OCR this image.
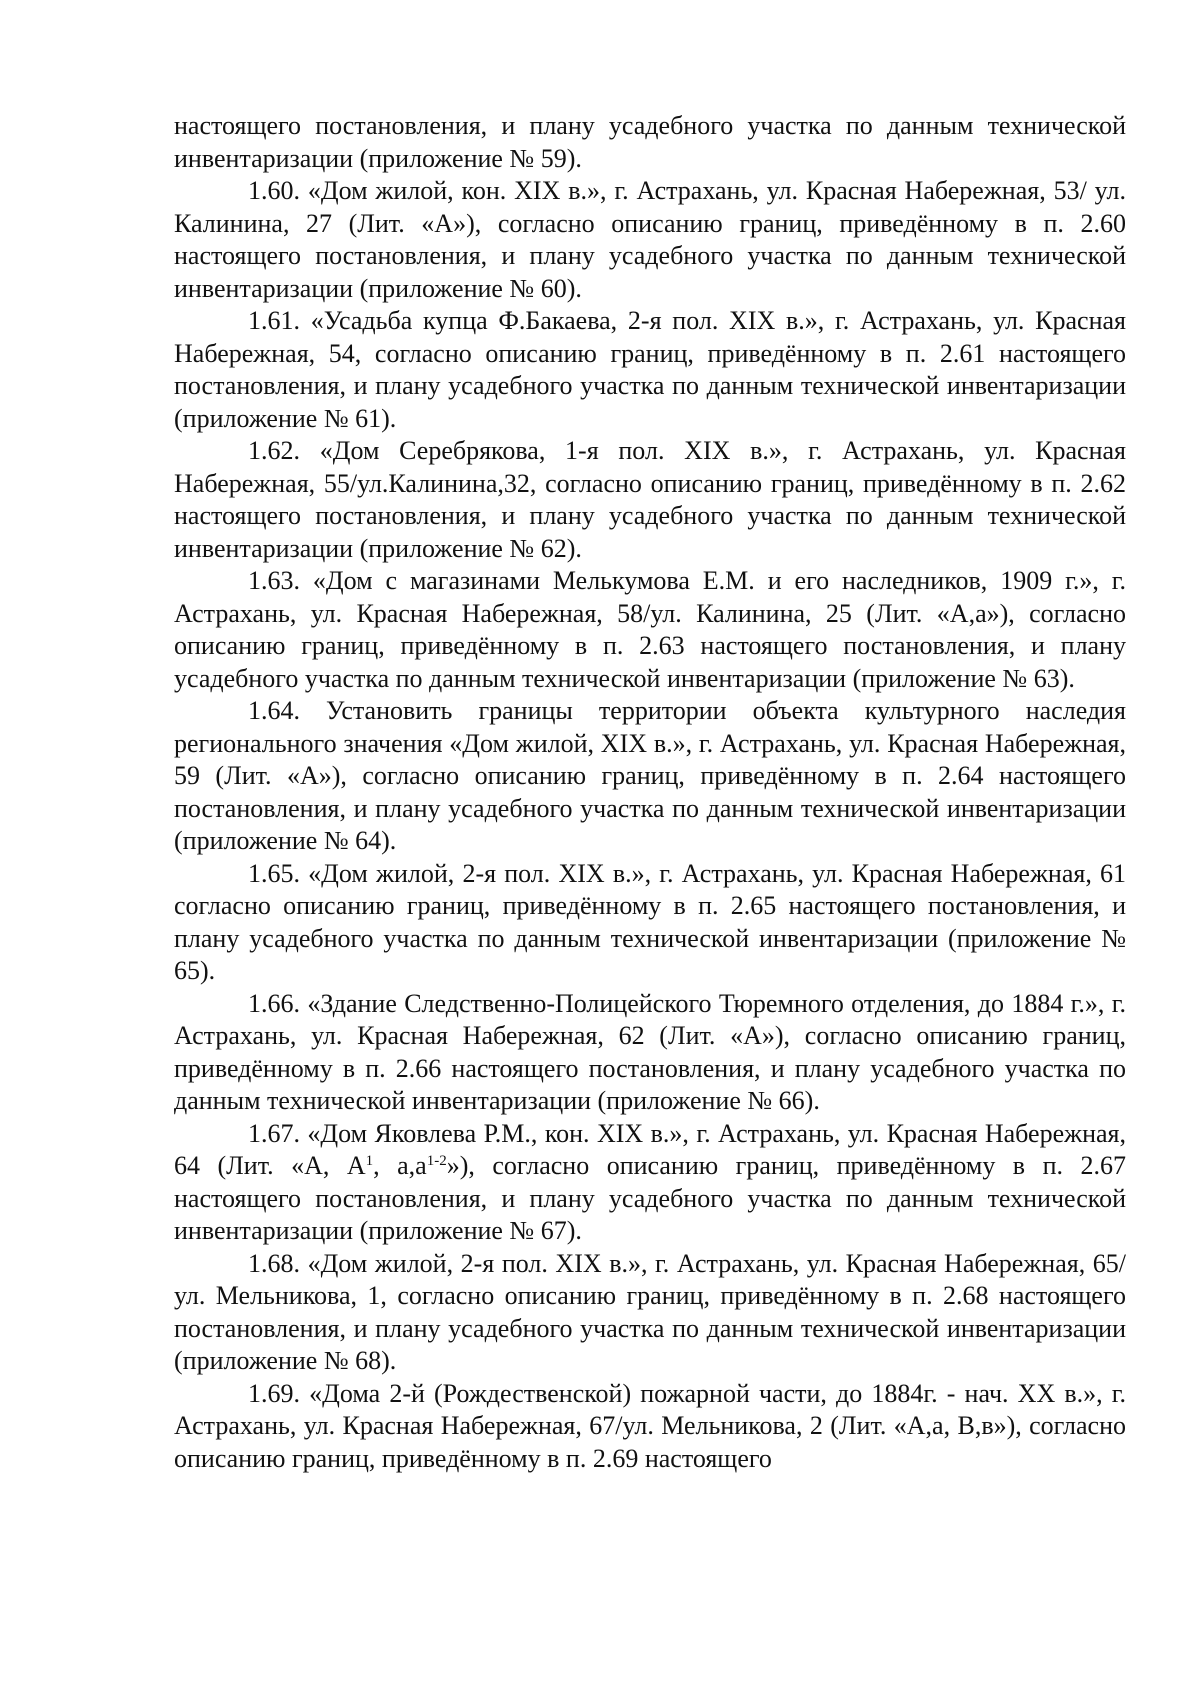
настоящего постановления, и плану усадебного участка по данным технической инвентаризации (приложение № 59).

1.60. «Дом жилой, кон. XIX в.», г. Астрахань, ул. Красная Набережная, 53/ ул. Калинина, 27 (Лит. «А»), согласно описанию границ, приведённому в п. 2.60 настоящего постановления, и плану усадебного участка по данным технической инвентаризации (приложение № 60).

1.61. «Усадьба купца Ф.Бакаева, 2-я пол. XIX в.», г. Астрахань, ул. Красная Набережная, 54, согласно описанию границ, приведённому в п. 2.61 настоящего постановления, и плану усадебного участка по данным технической инвентаризации (приложение № 61).

1.62. «Дом Серебрякова, 1-я пол. XIX в.», г. Астрахань, ул. Красная Набережная, 55/ул.Калинина,32, согласно описанию границ, приведённому в п. 2.62 настоящего постановления, и плану усадебного участка по данным технической инвентаризации (приложение № 62).

1.63. «Дом с магазинами Мелькумова Е.М. и его наследников, 1909 г.», г. Астрахань, ул. Красная Набережная, 58/ул. Калинина, 25 (Лит. «А,а»), согласно описанию границ, приведённому в п. 2.63 настоящего постановления, и плану усадебного участка по данным технической инвентаризации (приложение № 63).

1.64. Установить границы территории объекта культурного наследия регионального значения «Дом жилой, XIX в.», г. Астрахань, ул. Красная Набережная, 59 (Лит. «А»), согласно описанию границ, приведённому в п. 2.64 настоящего постановления, и плану усадебного участка по данным технической инвентаризации (приложение № 64).

1.65. «Дом жилой, 2-я пол. XIX в.», г. Астрахань, ул. Красная Набережная, 61 согласно описанию границ, приведённому в п. 2.65 настоящего постановления, и плану усадебного участка по данным технической инвентаризации (приложение № 65).

1.66. «Здание Следственно-Полицейского Тюремного отделения, до 1884 г.», г. Астрахань, ул. Красная Набережная, 62 (Лит. «А»), согласно описанию границ, приведённому в п. 2.66 настоящего постановления, и плану усадебного участка по данным технической инвентаризации (приложение № 66).

1.67. «Дом Яковлева Р.М., кон. XIX в.», г. Астрахань, ул. Красная Набережная, 64 (Лит. «А, $А^1$, $а,а^{1-2}$»), согласно описанию границ, приведённому в п. 2.67 настоящего постановления, и плану усадебного участка по данным технической инвентаризации (приложение № 67).

1.68. «Дом жилой, 2-я пол. XIX в.», г. Астрахань, ул. Красная Набережная, 65/ул. Мельникова, 1, согласно описанию границ, приведённому в п. 2.68 настоящего постановления, и плану усадебного участка по данным технической инвентаризации (приложение № 68).

1.69. «Дома 2-й (Рождественской) пожарной части, до 1884г. - нач. XX в.», г. Астрахань, ул. Красная Набережная, 67/ул. Мельникова, 2 (Лит. «А,а, В,в»), согласно описанию границ, приведённому в п. 2.69 настоящего
